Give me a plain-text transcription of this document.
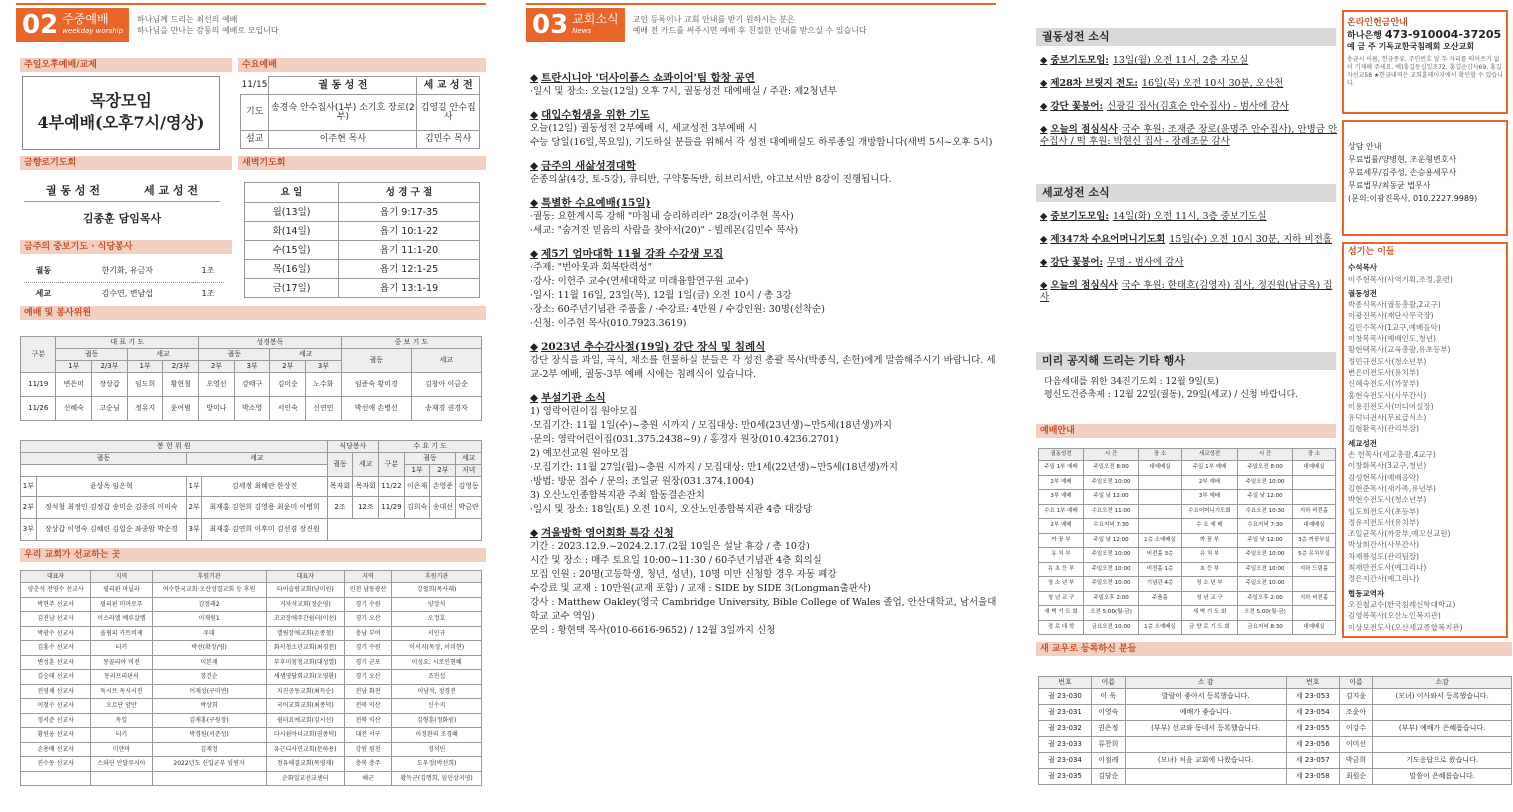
02 주중예배
weekday worship
하나님께 드리는 최선의 예배
하나님을 만나는 감동의 예배로 모입니다
주일오후예배/교제
목장모임
4부예배(오후7시/영상)
수요예배
11/15	궐 동 성 전	세 교 성 전
기도	송경숙 안수집사(1부) 소기호 장로(2부)	김영길 안수집사
설교	이주현 목사	김민수 목사
금향로기도회
궐 동 성 전	세 교 성 전
김종훈 담임목사
새벽기도회
요 일	성 경 구 절
월(13일)	욥기 9:17-35
화(14일)	욥기 10:1-22
수(15일)	욥기 11:1-20
목(16일)	욥기 12:1-25
금(17일)	욥기 13:1-19
금주의 중보기도 · 식당봉사
궐동	한기화, 유금자	1조
세교	김수연, 변남섭	1조
예배 및 봉사위원
구분	대 표 기 도				성경봉독				중 보 기 도	
	궐동		세교		궐동		세교		궐동	세교
	1부	2/3부	1부	2/3부	2부	3부	2부	3부		
11/19	변은미	장상갑	임도희	황현철	오영선	강태구	김미순	노수화	임준숙 황미경	김창아 이금순
11/26	신혜숙	고순님	정유지	윤여범	방미나	박소영	서인숙	신연민	박선애 손병선	송재경 권경자
봉 헌 위 원				식당봉사		수 요 기 도			
궐동		세교		궐동	세교	구분	궐동		세교
							1부	2부	저녁
1부	윤상옥 임은혁	1부	김세정 최혜란 한상진	목자회	목자회	11/22	이은재	손영준	김영동
2부	정석철 최정인 김정갑 송미순 김종의 이미숙	2부	최재홍 김현희 김영용 최윤미 이병희	2조	12조	11/29	김희숙	송대선	박금란
3부	장상갑 이영숙 김혜린 김일순 좌종암 박순경	3부	최재홍 김연희 이후미 김선겸 장진원						
우리 교회가 선교하는 곳
대표자	지역	후원기관	대표자	지역	후원기관
양춘석 전영수 선교사	필리핀 마닐라	여수한국교회·오산성결교회 등 후원	타이슬람교회(남미원)	인천 남동광산	강철희(목사래)
박현주 선교사	필리핀 미마로푸	김정래2	거자석교회(정순영)	경기 수원	양장석
김진남 선교사	이스라엘 예루살렘	이재원1	코코장애주간쉼터(이선)	경기 오산	오정호
박광수 선교사	올림피 카트비제	우대	엘림장애교회(손종철)	충남 부여	서인규
김홍수 선교사	터키	박선(확장/영)	화서청소년교회(최경천)	경기 수원	이서지(목장, 이미현)
변성훈 선교사	몽골리아 비전	이본재	부후미청청교회(대성열)	경기 군포	이성요, 시로인현혜
김승태 선교사	동러프리핀서	장건순	새샘영담회교회(오영환)	경기 오산	조진섭
전영채 선교사	독시프 독시시진	이재성(구미연)	지진공동교회(최득순)	전남 화천	이남석, 정경진
이철수 선교사	오르단 암만	박상희	국어교회교회(최종덕)	전북 익산	신수지
정서준 선교사	독일	김재홍(구원장)	쉼터요에교회(김시선)	전북 익산	김형훈(정화원)
황원웅 선교사	터키	박경원(서준성)	다시쉼아너교회(권종덕)	대전 서구	이정완의 조경혜
손용배 선교사	미얀마	김재정	유근디사민교회(문하용)	강원 원천	정석민
진수동 선교사	스와딘 안달루시아	2022년도 신입군부 임원자	청유해결교회(목영재)	충북 충주	도우정(박선희)
			순화일교선교센터	해군	황득군(김명희, 임인상지영)
03 교회소식
News
교인 등록이나 교회 안내를 받기 원하시는 분은
예배 전 카드를 써주시면 예배 후 친절한 안내를 받으실 수 있습니다
◆ 트란시니아 '더사이플스 쇼콰이어'팀 합창 공연

·일시 및 장소: 오늘(12일) 오후 7시, 궐동성전 대예배실 / 주관: 제2청년부

◆ 대입수험생을 위한 기도

오늘(12일) 궐동성전 2부예배 시, 세교성전 3부예배 시

수능 당일(16일,목요일), 기도하실 분들을 위해서 각 성전 대예배실도 하루종일 개방합니다(새벽 5시~오후 5시)

◆ 금주의 새삶성경대학

순종의삶(4강, 토-5강), 큐티반, 구약통독반, 히브리서반, 야고보서반 8강이 진행됩니다.

◆ 특별한 수요예배(15일)

·궐동: 요한계시록 강해 "마침내 승리하리라" 28강(이주현 목사)

·세교: "숨겨진 믿음의 사람을 찾아서(20)" - 빌레몬(김민수 목사)

◆ 제5기 엄마대학 11월 강좌 수강생 모집

·주제: "번아웃과 회복탄력성"

·강사: 이헌주 교수(연세대학교 미래융합연구원 교수)

·일시: 11월 16일, 23일(목), 12월 1일(금) 오전 10시 / 총 3강

·장소: 60주년기념관 주품홀 / ·수강료: 4만원 / 수강인원: 30명(선착순)

·신청: 이주현 목사(010.7923.3619)

◆ 2023년 추수감사절(19일) 강단 장식 및 침례식

강단 장식을 과일, 곡식, 채소를 헌물하실 분들은 각 성전 총괄 목사(박종식, 손헌)에게 말씀해주시기 바랍니다. 세교-2부 예배, 궐동-3부 예배 시에는 침례식이 있습니다.

◆ 부설기관 소식

1) 영락어린이집 원아모집

·모집기간: 11월 1일(수)~충원 시까지 / 모집대상: 만0세(23년생)~만5세(18년생)까지

·문의: 영락어린이집(031.375.2438~9) / 홍경자 원장(010.4236.2701)

2) 예꼬선교원 원아모집

·모집기간: 11월 27일(월)~충원 시까지 / 모집대상: 만1세(22년생)~만5세(18년생)까지

·방법: 방문 접수 / 문의: 조일균 원장(031.374.1004)

3) 오산노인종합복지관 주최 합동결손잔치

·일시 및 장소: 18일(토) 오전 10시, 오산노인종합복지관 4층 대강당

◆ 겨울방학 영어회화 특강 신청

기간 : 2023.12.9.~2024.2.17.(2월 10일은 설날 휴강 / 총 10강)

시간 및 장소 : 매주 토요일 10:00~11:30 / 60주년기념관 4층 회의실

모집 인원 : 20명(고등학생, 청년, 성년), 10명 미만 신청할 경우 자동 폐강

수강료 및 교재 : 10만원(교재 포함) / 교재 : SIDE by SIDE 3(Longman출판사)

강사 : Matthew Oakley(영국 Cambridge University, Bible College of Wales 졸업, 안산대학교, 남서울대학교 교수 역임)

문의 : 황현택 목사(010-6616-9652) / 12월 3일까지 신청

궐동성전 소식
◆ 중보기도모임: 13일(월) 오전 11시, 2층 자모실
◆ 제28차 브릿지 전도: 16일(목) 오전 10시 30분, 오산천
◆ 강단 꽃봉어: 신광길 집사(김효순 안수집사) - 범사에 감사
◆ 오늘의 점심식사 국수 후원: 조재준 장로(윤명주 안수집사), 안병금 안수집사 / 떡 후원: 박현신 집사 - 장례조문 감사
세교성전 소식
◆ 중보기도모임: 14일(화) 오전 11시, 3층 중보기도실
◆ 제347차 수요어머니기도회 15일(수) 오전 10시 30분, 지하 비전홀
◆ 강단 꽃봉어: 무명 - 범사에 감사
◆ 오늘의 점심식사 국수 후원: 한태호(김영자) 집사, 정진원(남금옥) 집사
미리 공지해 드리는 기타 행사

다음세대를 위한 34진기도회 : 12월 9일(토)

평신도건증축제 : 12월 22일(궐동), 29일(세교) / 신청 바랍니다.

예배안내
궐동성전	시 간	장 소	세교성전	시 간	장 소
주일 1부 예배	주일오전 8:00	대예배실	주일 1부 예배	주일오전 8:00	대예배실
2부 예배	주일오전 10:00		2부 예배	주일오전 10:00	
3부 예배	주일 낮 12:00		3부 예배	주일 낮 12:00	
수요 1부 예배	수요오전 11:00		수요어머니기도회	수요오전 10:30	지하 비전홀
2부 예배	수요저녁 7:30		수 요 예 배	수요저녁 7:30	대예배실
까 꿍 부	주일 낮 12:00	1층 소예배실	까 꿍 부	주일 낮 12:00	3층 까꿍부실
유 치 부	주일오전 10:00	비전홀 3층	유 치 부	주일오전 10:00	5층 유치부실
유 초 등 부	주일오전 10:00	비전홀 1층	초 등 부	주일오전 10:00	지하 드림홀
청 소 년 부	주일오전 10:00	기념관 4층	청 소 년 부	주일오전 10:00	
청 년 교 구	주일오후 2:00	주품홀	청 년 교 구	주일오후 2:00	지하 비전홀
새 벽 기 도 회	오전 5:00(월-금)		새 벽 기 도 회	오전 5:00(월-금)	
경 로 대 학	금요오전 10:00	1층 소예배실	금 향 로 기 도 회	금요저녁 8:30	대예배실
새 교우로 등록하신 분들
번호	이름	소 감	번호	이름	소감
궐 23-030	이 욱	발랄이 좋아서 등록했습니다.	세 23-053	김지윤	(모녀) 이사와서 등록했습니다.
궐 23-031	이영숙	예배가 좋습니다.	세 23-054	조윤아	
궐 23-032	권은정	(부부) 선교와 동네서 등록했습니다.	세 23-055	이강수	(부부) 예배가 은혜롭습니다.
궐 23-033	류찬희		세 23-056	이미선	
궐 23-034	이점례	(모녀) 처음 교회에 나왔습니다.	세 23-057	박금희	기도응답으로 왔습니다.
궐 23-035	김담순		세 23-058	최원순	말씀이 은혜롭습니다.
온라인헌금안내
하나은행 473-910004-37205
예 금 주 기독교한국침례회 오산교회
송금시 이름, 헌금종류, 주민번호 앞 두 자리를 띄어쓰기 없이 기재해 주세요. 예)홍길동십일조72, 홍길순감사69, 홍길자선교58 ★헌금내역은 교회홈페이지에서 확인할 수 있습니다.
상담 안내
무료법률/양병현, 조운형변호사
무료세무/김주성, 손승용세무사
무료법무/최동균 법무사
(문의:이광진목사, 010.2227.9989)
섬기는 이들
수석목사
이주현목사(사역기획,조정,훈련)
궐동성전
박종식목사(궐동총괄,2교구)
이광진목사(재단사무국장)
김민수목사(1교구,예배음악)
이창목목사(예배인도,청년)
황현택목사(교육총괄,유초등부)
정민규전도사(청소년부)
변은미전도사(유치부)
신혜숙전도사(까꿍부)
홍현숙전도사(사무간사)
이용진전도사(미디어실장)
유덕녀권사(무료급식소)
김형환목사(관리부장)
세교성전
손 헌목사(세교총괄,4교구)
이창화목사(3교구,청년)
김성현목사(예배음악)
김현준목사(새가족,유년부)
박현수전도사(청소년부)
임도희전도사(초등부)
정유지전도사(유치부)
조일균목사(까꿍부,예꼬선교원)
박상희간사(사무간사)
차재룡성도(관리팀장)
최재만전도사(예그리나)
정은지간사(예그리나)
협동교역자
오진철교수(한국침례신학대학교)
김영록목사(오산노인복지관)
이상모전도사(오산세교종합복지관)
